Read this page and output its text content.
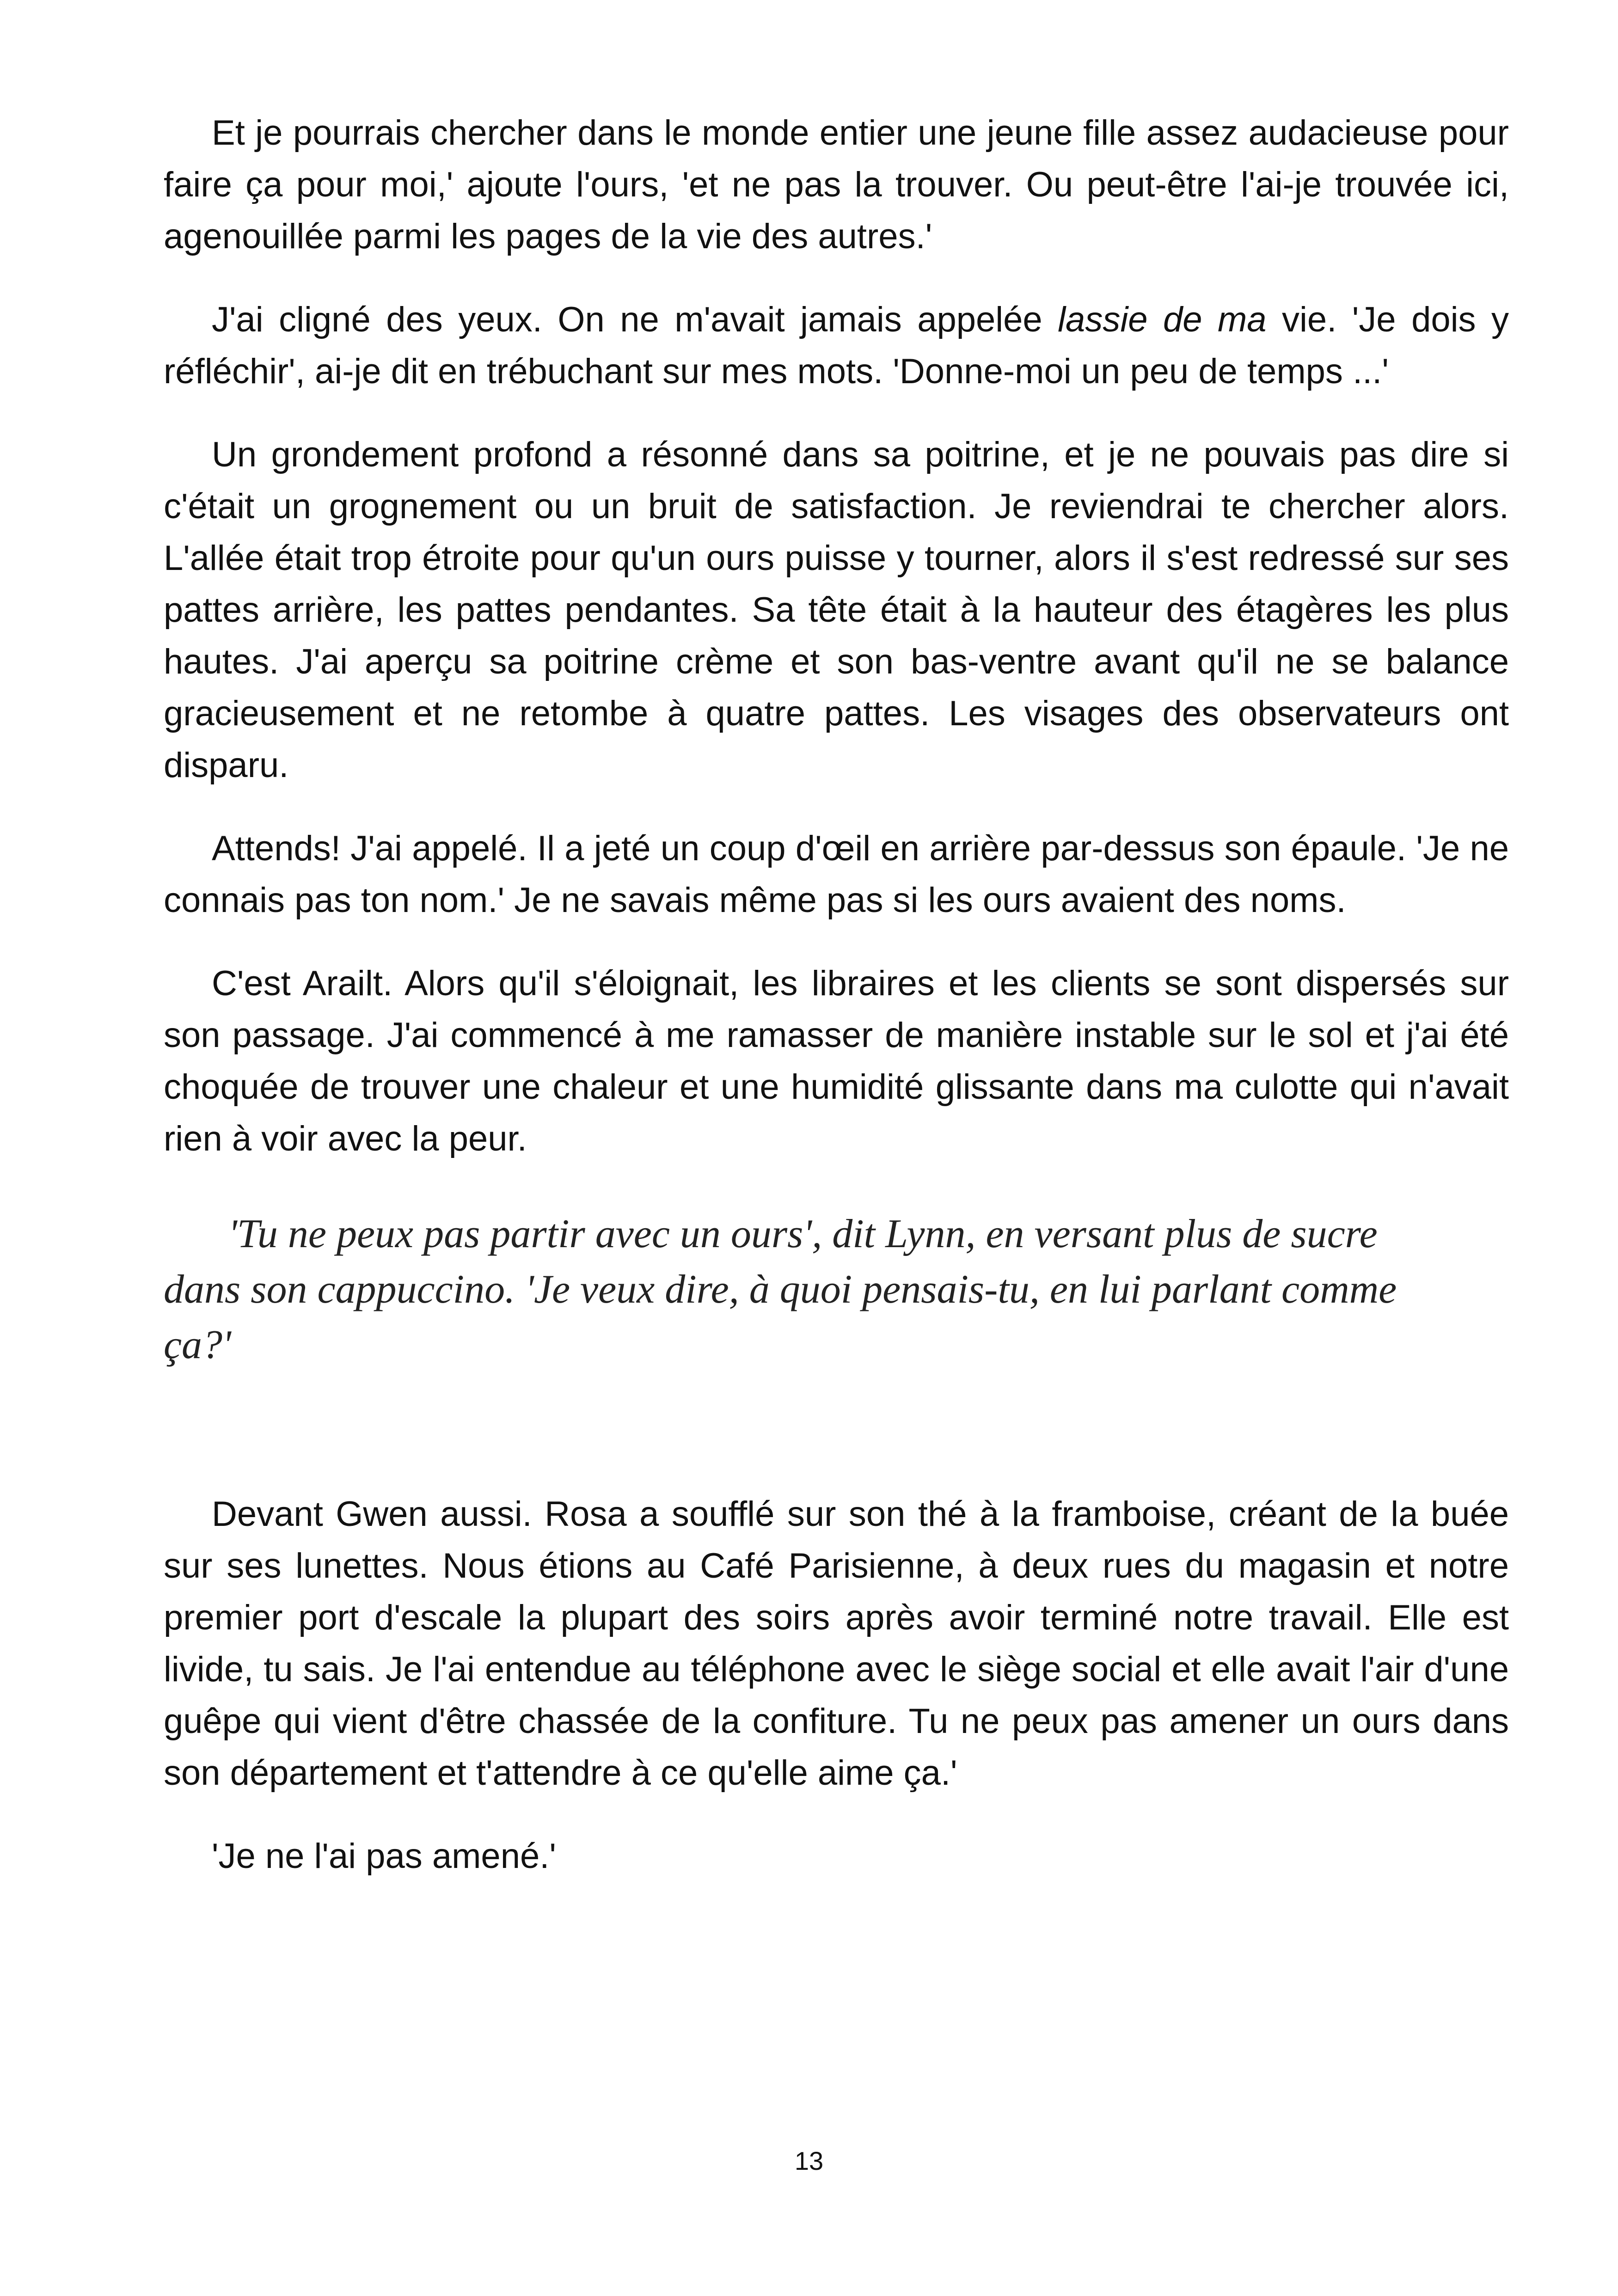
Et je pourrais chercher dans le monde entier une jeune fille assez audacieuse pour faire ça pour moi,' ajoute l'ours, 'et ne pas la trouver. Ou peut-être l'ai-je trouvée ici, agenouillée parmi les pages de la vie des autres.'

J'ai cligné des yeux. On ne m'avait jamais appelée lassie de ma vie. 'Je dois y réfléchir', ai-je dit en trébuchant sur mes mots. 'Donne-moi un peu de temps ...'

Un grondement profond a résonné dans sa poitrine, et je ne pouvais pas dire si c'était un grognement ou un bruit de satisfaction. Je reviendrai te chercher alors. L'allée était trop étroite pour qu'un ours puisse y tourner, alors il s'est redressé sur ses pattes arrière, les pattes pendantes. Sa tête était à la hauteur des étagères les plus hautes. J'ai aperçu sa poitrine crème et son bas-ventre avant qu'il ne se balance gracieusement et ne retombe à quatre pattes. Les visages des observateurs ont disparu.

Attends! J'ai appelé. Il a jeté un coup d'œil en arrière par-dessus son épaule. 'Je ne connais pas ton nom.' Je ne savais même pas si les ours avaient des noms.

C'est Arailt. Alors qu'il s'éloignait, les libraires et les clients se sont dispersés sur son passage. J'ai commencé à me ramasser de manière instable sur le sol et j'ai été choquée de trouver une chaleur et une humidité glissante dans ma culotte qui n'avait rien à voir avec la peur.

'Tu ne peux pas partir avec un ours', dit Lynn, en versant plus de sucre dans son cappuccino. 'Je veux dire, à quoi pensais-tu, en lui parlant comme ça?'

Devant Gwen aussi. Rosa a soufflé sur son thé à la framboise, créant de la buée sur ses lunettes. Nous étions au Café Parisienne, à deux rues du magasin et notre premier port d'escale la plupart des soirs après avoir terminé notre travail. Elle est livide, tu sais. Je l'ai entendue au téléphone avec le siège social et elle avait l'air d'une guêpe qui vient d'être chassée de la confiture. Tu ne peux pas amener un ours dans son département et t'attendre à ce qu'elle aime ça.'

'Je ne l'ai pas amené.'

13
